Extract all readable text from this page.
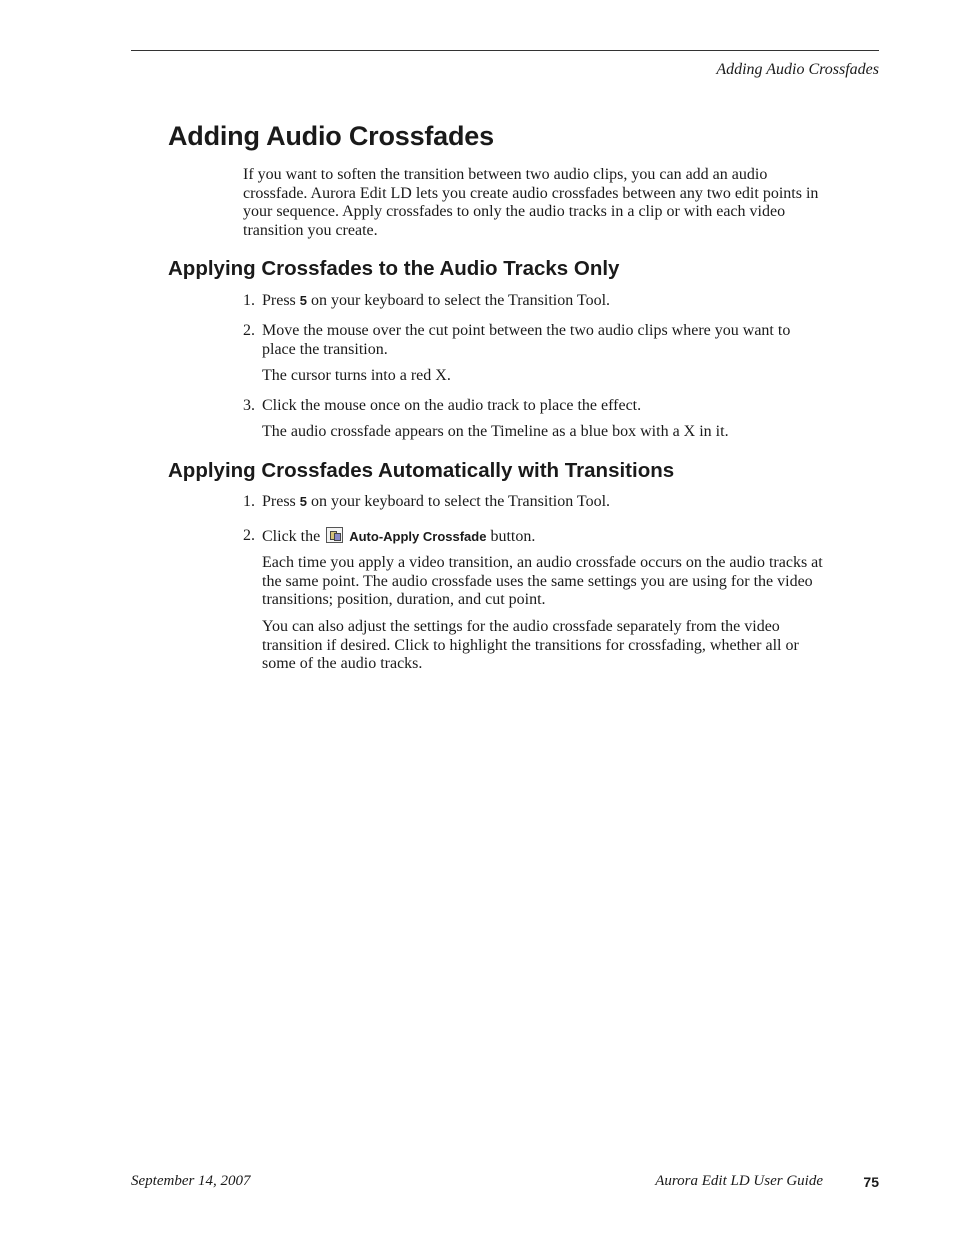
Adding Audio Crossfades
Adding Audio Crossfades
If you want to soften the transition between two audio clips, you can add an audio crossfade. Aurora Edit LD lets you create audio crossfades between any two edit points in your sequence. Apply crossfades to only the audio tracks in a clip or with each video transition you create.
Applying Crossfades to the Audio Tracks Only
1. Press 5 on your keyboard to select the Transition Tool.
2. Move the mouse over the cut point between the two audio clips where you want to place the transition.
The cursor turns into a red X.
3. Click the mouse once on the audio track to place the effect.
The audio crossfade appears on the Timeline as a blue box with a X in it.
Applying Crossfades Automatically with Transitions
1. Press 5 on your keyboard to select the Transition Tool.
2. Click the  Auto-Apply Crossfade button.
Each time you apply a video transition, an audio crossfade occurs on the audio tracks at the same point. The audio crossfade uses the same settings you are using for the video transitions; position, duration, and cut point.
You can also adjust the settings for the audio crossfade separately from the video transition if desired. Click to highlight the transitions for crossfading, whether all or some of the audio tracks.
September 14, 2007	Aurora Edit LD User Guide	75
